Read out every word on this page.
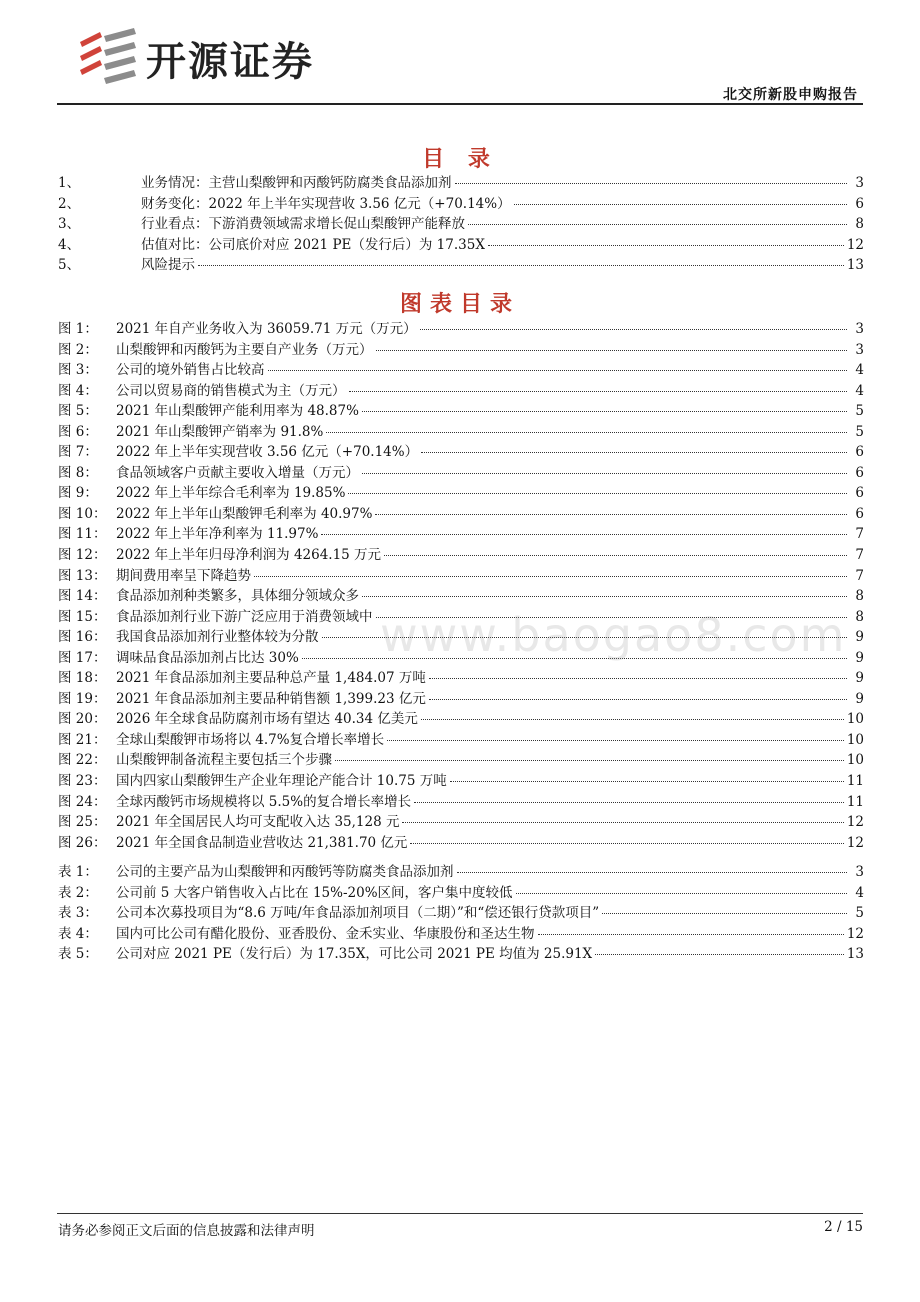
开源证券
北交所新股申购报告
目 录
1、	业务情况：主营山梨酸钾和丙酸钙防腐类食品添加剂	3
2、	财务变化：2022 年上半年实现营收 3.56 亿元（+70.14%）	6
3、	行业看点：下游消费领域需求增长促山梨酸钾产能释放	8
4、	估值对比：公司底价对应 2021 PE（发行后）为 17.35X	12
5、	风险提示	13
图表目录
图 1：	2021 年自产业务收入为 36059.71 万元（万元）	3
图 2：	山梨酸钾和丙酸钙为主要自产业务（万元）	3
图 3：	公司的境外销售占比较高	4
图 4：	公司以贸易商的销售模式为主（万元）	4
图 5：	2021 年山梨酸钾产能利用率为 48.87%	5
图 6：	2021 年山梨酸钾产销率为 91.8%	5
图 7：	2022 年上半年实现营收 3.56 亿元（+70.14%）	6
图 8：	食品领域客户贡献主要收入增量（万元）	6
图 9：	2022 年上半年综合毛利率为 19.85%	6
图 10： 2022 年上半年山梨酸钾毛利率为 40.97%	6
图 11： 2022 年上半年净利率为 11.97%	7
图 12： 2022 年上半年归母净利润为 4264.15 万元	7
图 13： 期间费用率呈下降趋势	7
图 14： 食品添加剂种类繁多，具体细分领域众多	8
图 15： 食品添加剂行业下游广泛应用于消费领域中	8
图 16： 我国食品添加剂行业整体较为分散	9
图 17： 调味品食品添加剂占比达 30%	9
图 18： 2021 年食品添加剂主要品种总产量 1,484.07 万吨	9
图 19： 2021 年食品添加剂主要品种销售额 1,399.23 亿元	9
图 20： 2026 年全球食品防腐剂市场有望达 40.34 亿美元	10
图 21： 全球山梨酸钾市场将以 4.7%复合增长率增长	10
图 22： 山梨酸钾制备流程主要包括三个步骤	10
图 23： 国内四家山梨酸钾生产企业年理论产能合计 10.75 万吨	11
图 24： 全球丙酸钙市场规模将以 5.5%的复合增长率增长	11
图 25： 2021 年全国居民人均可支配收入达 35,128 元	12
图 26： 2021 年全国食品制造业营收达 21,381.70 亿元	12
表 1：	公司的主要产品为山梨酸钾和丙酸钙等防腐类食品添加剂	3
表 2：	公司前 5 大客户销售收入占比在 15%-20%区间，客户集中度较低	4
表 3：	公司本次募投项目为“8.6 万吨/年食品添加剂项目（二期）”和“偿还银行贷款项目”	5
表 4：	国内可比公司有醋化股份、亚香股份、金禾实业、华康股份和圣达生物	12
表 5：	公司对应 2021 PE（发行后）为 17.35X，可比公司 2021 PE 均值为 25.91X	13
www.baogao8.com
请务必参阅正文后面的信息披露和法律声明	2 / 15
